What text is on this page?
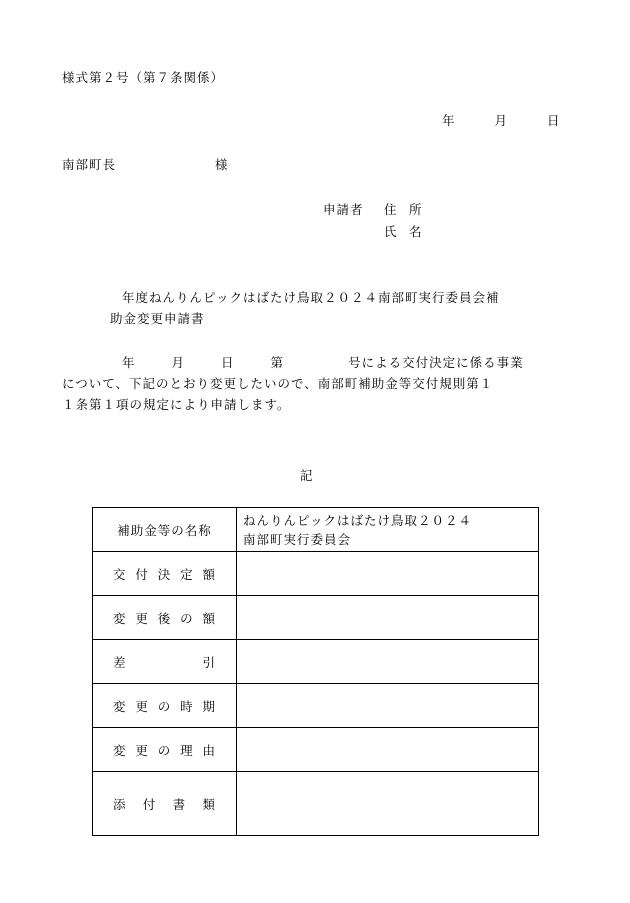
様式第２号（第７条関係）
年	月	日
南部町長	様
申請者 住　所
氏　名
年度ねんりんピックはばたけ鳥取２０２４南部町実行委員会補
助金変更申請書
年	月	日	第	号による交付決定に係る事業
について、下記のとおり変更したいので、南部町補助金等交付規則第１
１条第１項の規定により申請します。
記
補助金等の名称	ねんりんピックはばたけ鳥取２０２４
南部町実行委員会

交 付 決 定 額	

変 更 後 の 額	

差 引	

変 更 の 時 期	

変 更 の 理 由	

添 付 書 類	
